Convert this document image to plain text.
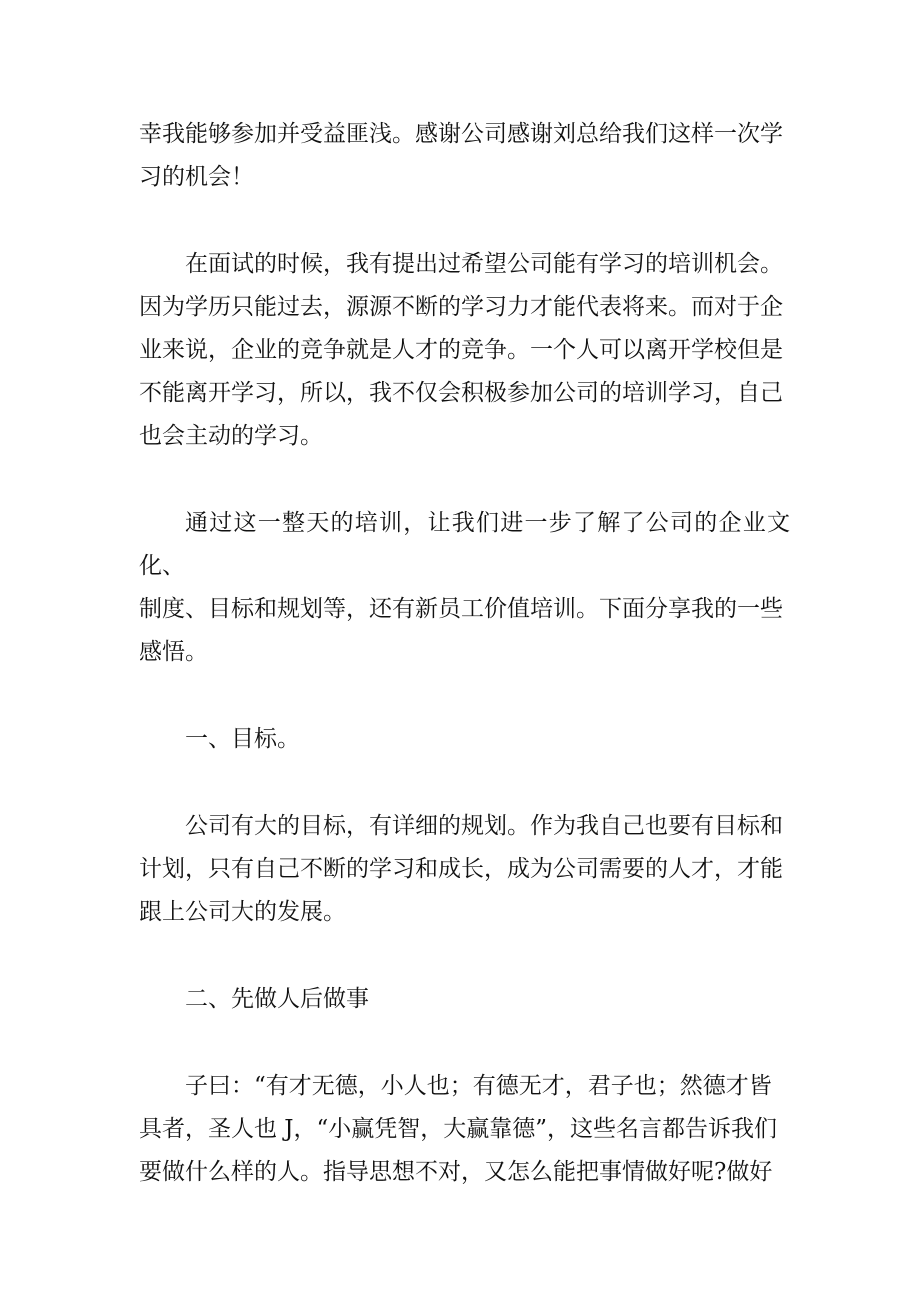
幸我能够参加并受益匪浅。感谢公司感谢刘总给我们这样一次学
习的机会！

在面试的时候，我有提出过希望公司能有学习的培训机会。
因为学历只能过去，源源不断的学习力才能代表将来。而对于企
业来说，企业的竞争就是人才的竞争。一个人可以离开学校但是
不能离开学习，所以，我不仅会积极参加公司的培训学习，自己
也会主动的学习。

通过这一整天的培训，让我们进一步了解了公司的企业文化、
制度、目标和规划等，还有新员工价值培训。下面分享我的一些
感悟。

一、目标。

公司有大的目标，有详细的规划。作为我自己也要有目标和
计划，只有自己不断的学习和成长，成为公司需要的人才，才能
跟上公司大的发展。

二、先做人后做事

子曰：“有才无德，小人也；有德无才，君子也；然德才皆
具者，圣人也 J，“小赢凭智，大赢靠德”，这些名言都告诉我们
要做什么样的人。指导思想不对，又怎么能把事情做好呢?做好
